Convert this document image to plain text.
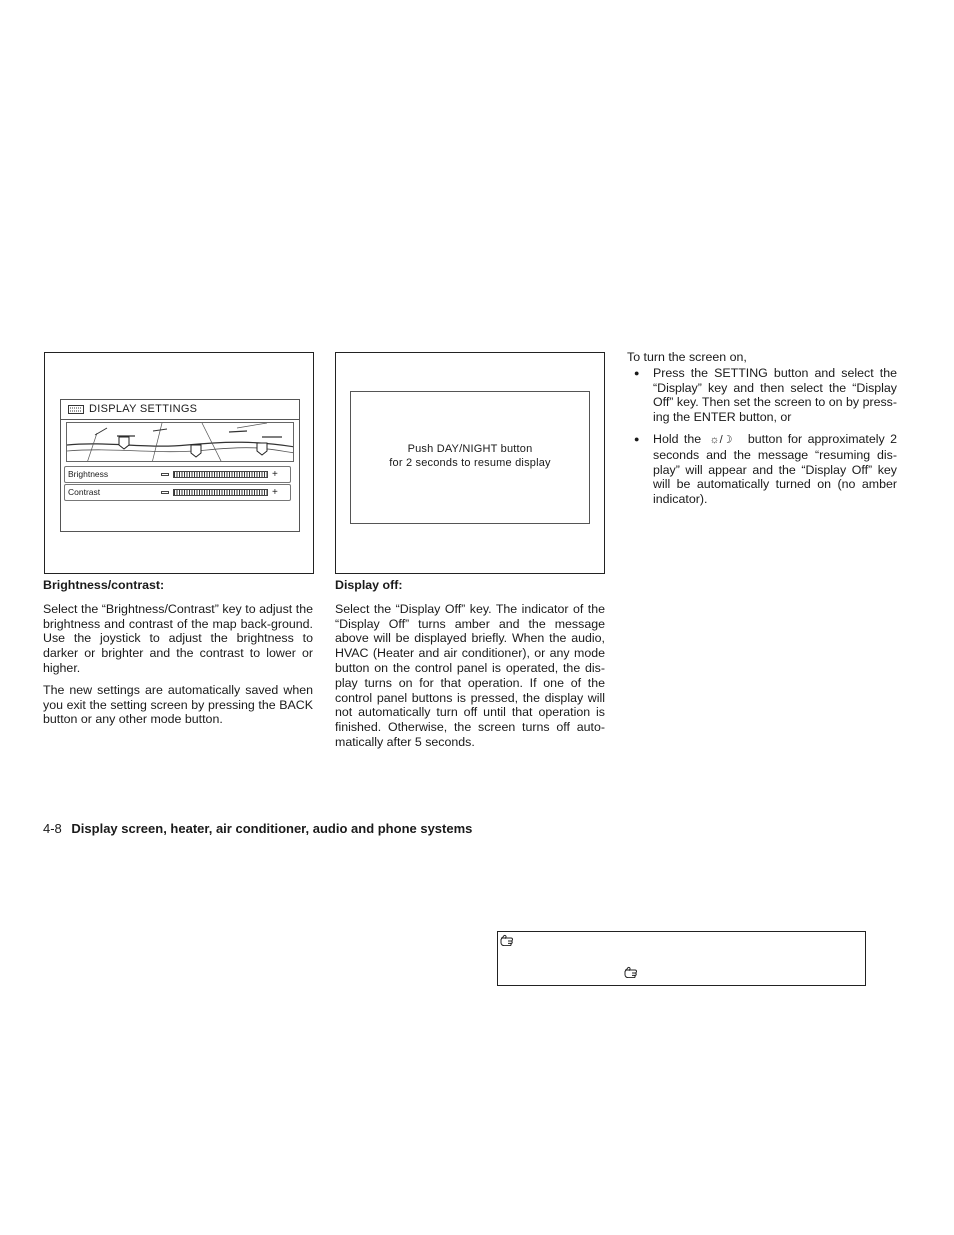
DISPLAY SETTINGS
Brightness	+
Contrast	+
Push DAY/NIGHT button
for 2 seconds to resume display
Brightness/contrast:

Select the “Brightness/Contrast” key to adjust the brightness and contrast of the map back-ground. Use the joystick to adjust the brightness to darker or brighter and the contrast to lower or higher.

The new settings are automatically saved when you exit the setting screen by pressing the BACK button or any other mode button.

Display off:

Select the “Display Off” key. The indicator of the “Display Off” turns amber and the message above will be displayed briefly. When the audio, HVAC (Heater and air conditioner), or any mode button on the control panel is operated, the dis-play turns on for that operation. If one of the control panel buttons is pressed, the display will not automatically turn off until that operation is finished. Otherwise, the screen turns off auto-matically after 5 seconds.

To turn the screen on,

● Press the SETTING button and select the “Display” key and then select the “Display Off” key. Then set the screen to on by press-ing the ENTER button, or
● Hold the ☼/☽ button for approximately 2 seconds and the message “resuming dis-play” will appear and the “Display Off” key will be automatically turned on (no amber indicator).
4-8 Display screen, heater, air conditioner, audio and phone systems
